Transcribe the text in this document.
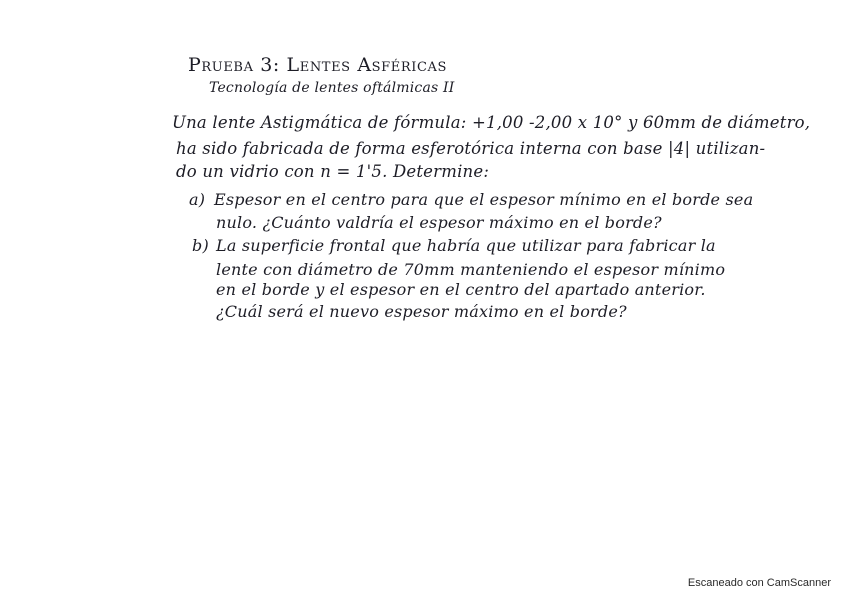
Prueba 3: Lentes Asféricas
Tecnología de lentes oftálmicas II
Una lente Astigmática de fórmula: +1,00 -2,00 x 10° y 60mm de diámetro,
ha sido fabricada de forma esferotórica interna con base |4| utilizan-
do un vidrio con n = 1'5. Determine:
a) Espesor en el centro para que el espesor mínimo en el borde sea
nulo. ¿Cuánto valdría el espesor máximo en el borde?
b) La superficie frontal que habría que utilizar para fabricar la
lente con diámetro de 70mm manteniendo el espesor mínimo
en el borde y el espesor en el centro del apartado anterior.
¿Cuál será el nuevo espesor máximo en el borde?
Escaneado con CamScanner
